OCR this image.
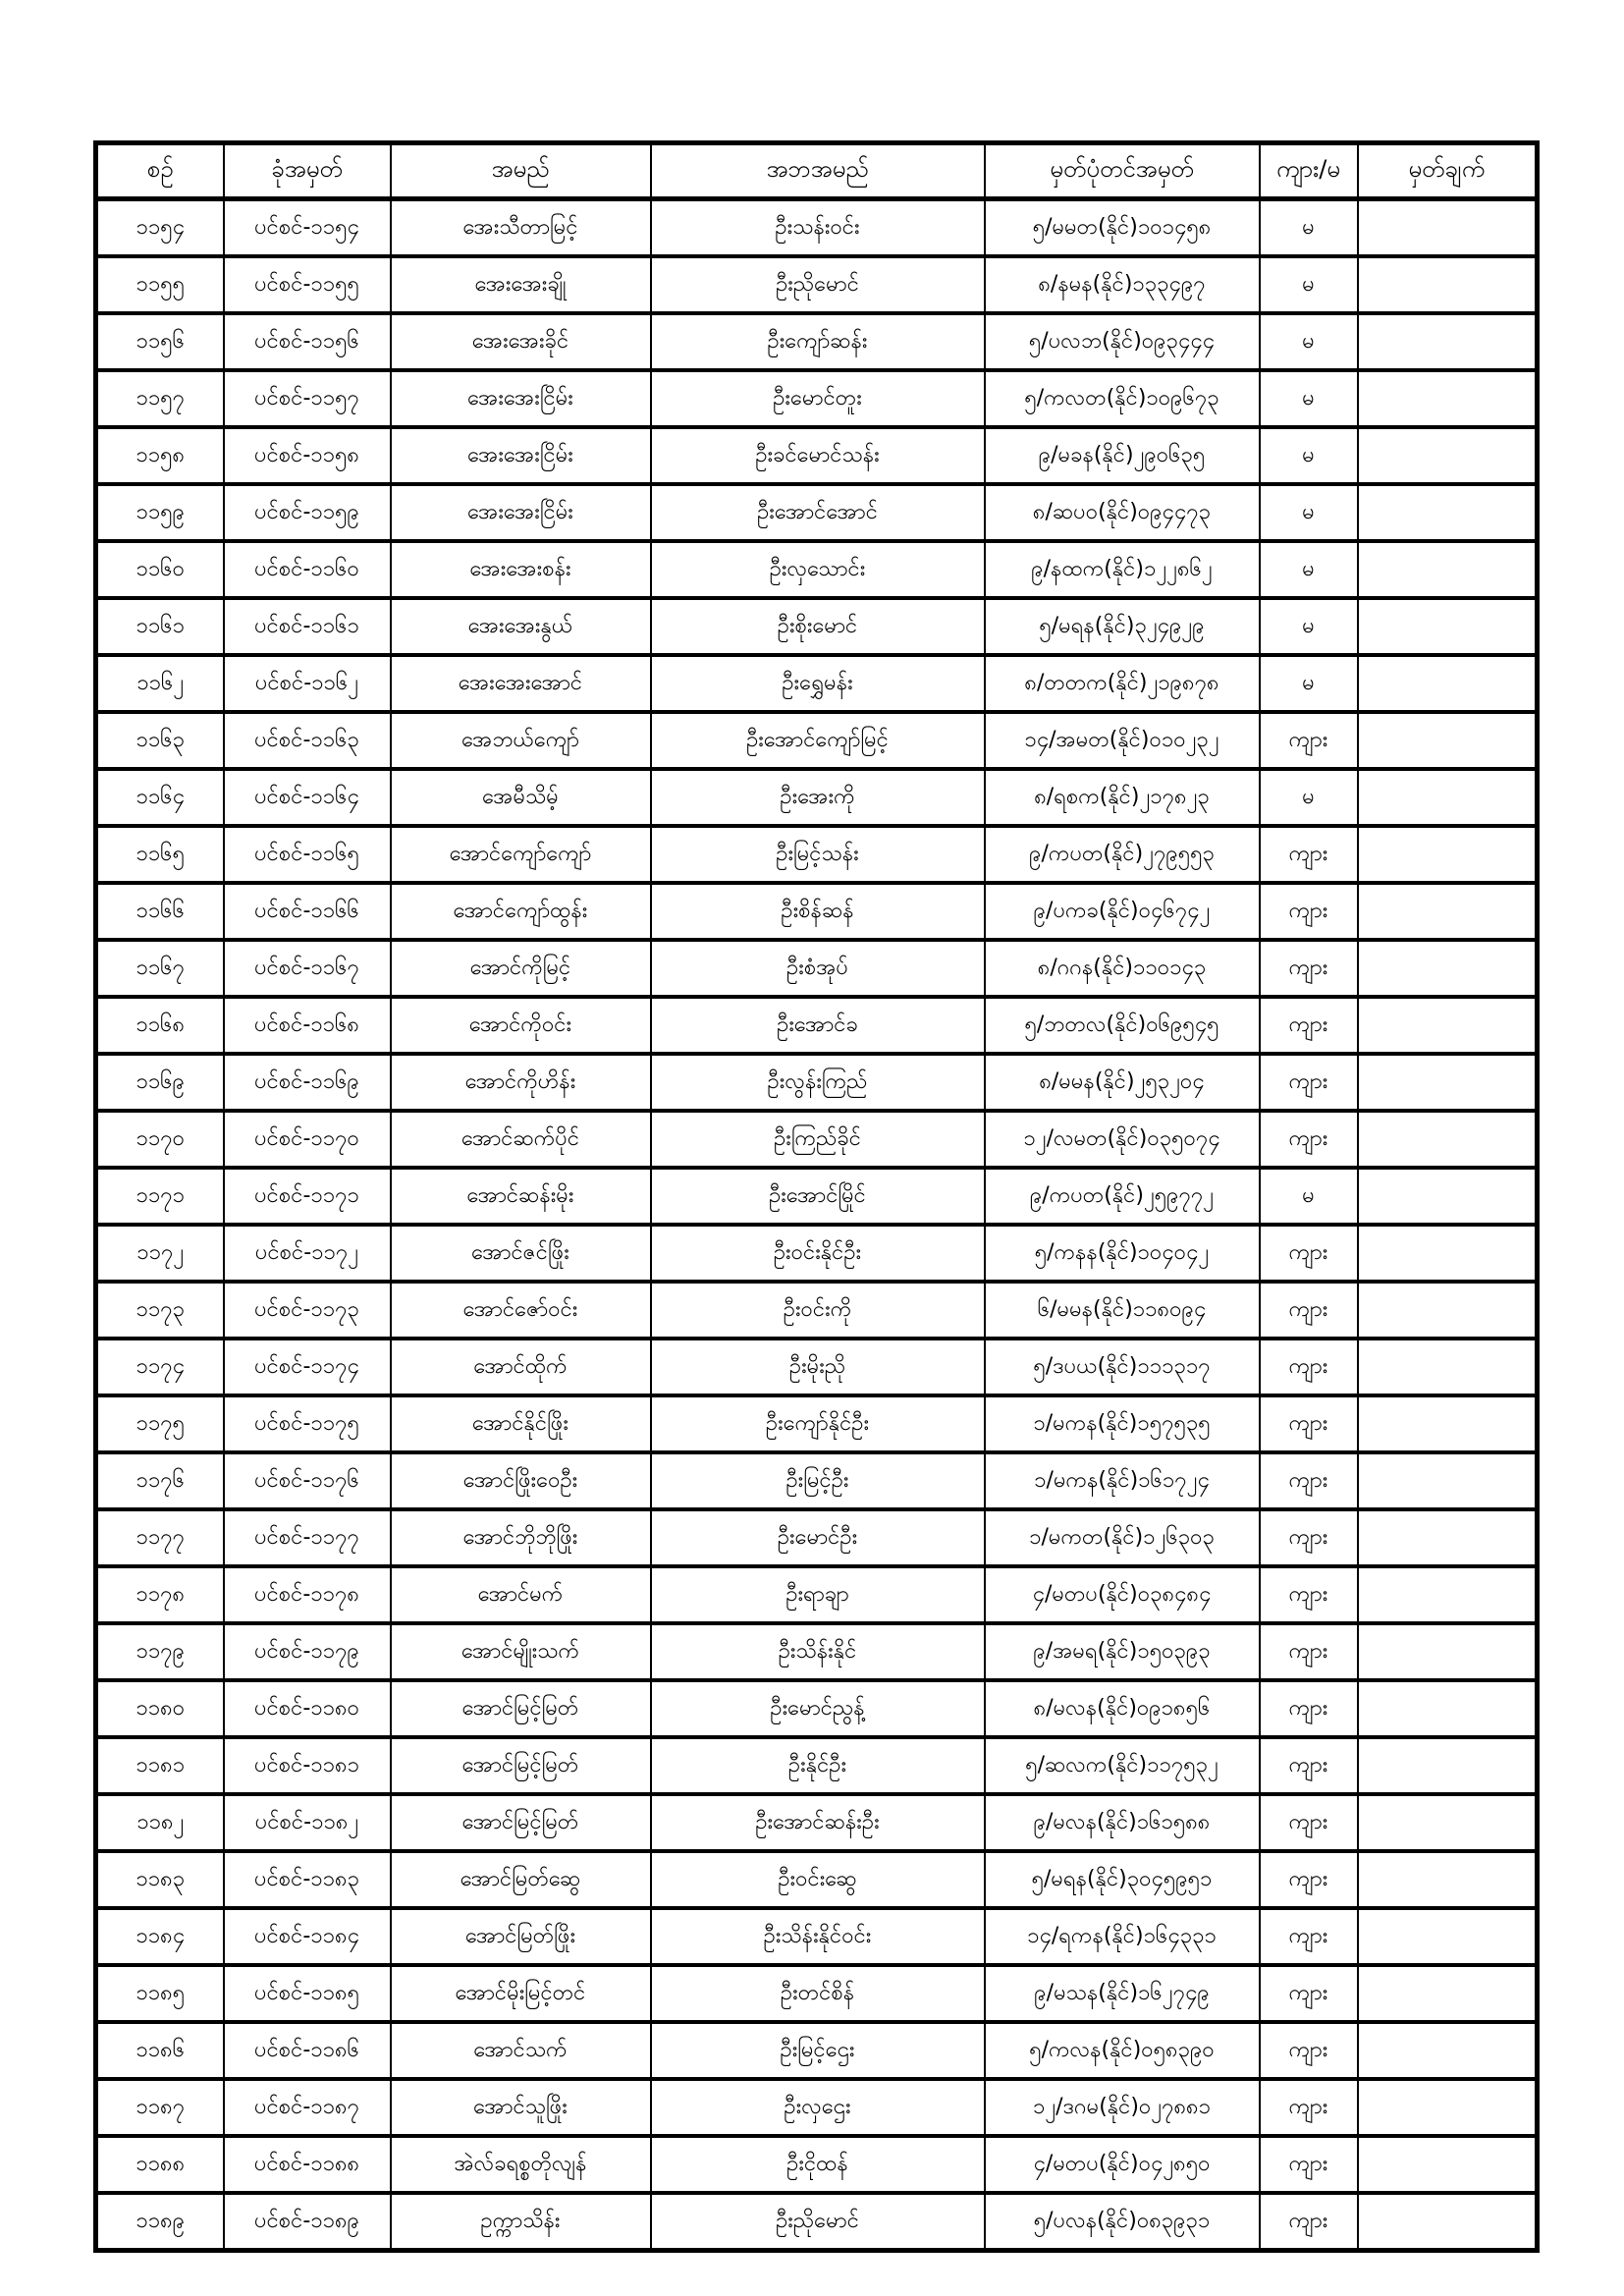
စဉ်	ခုံအမှတ်	အမည်	အဘအမည်	မှတ်ပုံတင်အမှတ်	ကျား/မ	မှတ်ချက်
၁၁၅၄	ပင်စင်-၁၁၅၄	အေးသီတာမြင့်	ဦးသန်းဝင်း	၅/မမတ(နိုင်)၁၀၁၄၅၈	မ	
၁၁၅၅	ပင်စင်-၁၁၅၅	အေးအေးချို	ဦးညိုမောင်	၈/နမန(နိုင်)၁၃၃၄၉၇	မ	
၁၁၅၆	ပင်စင်-၁၁၅၆	အေးအေးခိုင်	ဦးကျော်ဆန်း	၅/ပလဘ(နိုင်)၀၉၃၄၄၄	မ	
၁၁၅၇	ပင်စင်-၁၁၅၇	အေးအေးငြိမ်း	ဦးမောင်တူး	၅/ကလတ(နိုင်)၁၀၉၆၇၃	မ	
၁၁၅၈	ပင်စင်-၁၁၅၈	အေးအေးငြိမ်း	ဦးခင်မောင်သန်း	၉/မခန(နိုင်)၂၉၀၆၃၅	မ	
၁၁၅၉	ပင်စင်-၁၁၅၉	အေးအေးငြိမ်း	ဦးအောင်အောင်	၈/ဆပဝ(နိုင်)၀၉၄၄၇၃	မ	
၁၁၆၀	ပင်စင်-၁၁၆၀	အေးအေးစန်း	ဦးလှသောင်း	၉/နထက(နိုင်)၁၂၂၈၆၂	မ	
၁၁၆၁	ပင်စင်-၁၁၆၁	အေးအေးနွယ်	ဦးစိုးမောင်	၅/မရန(နိုင်)၃၂၄၉၂၉	မ	
၁၁၆၂	ပင်စင်-၁၁၆၂	အေးအေးအောင်	ဦးရွှေမန်း	၈/တတက(နိုင်)၂၁၉၈၇၈	မ	
၁၁၆၃	ပင်စင်-၁၁၆၃	အေဘယ်ကျော်	ဦးအောင်ကျော်မြင့်	၁၄/အမတ(နိုင်)၀၁၀၂၃၂	ကျား	
၁၁၆၄	ပင်စင်-၁၁၆၄	အေမီသိမ့်	ဦးအေးကို	၈/ရစက(နိုင်)၂၁၇၈၂၃	မ	
၁၁၆၅	ပင်စင်-၁၁၆၅	အောင်ကျော်ကျော်	ဦးမြင့်သန်း	၉/ကပတ(နိုင်)၂၇၉၅၅၃	ကျား	
၁၁၆၆	ပင်စင်-၁၁၆၆	အောင်ကျော်ထွန်း	ဦးစိန်ဆန်	၉/ပကခ(နိုင်)၀၄၆၇၄၂	ကျား	
၁၁၆၇	ပင်စင်-၁၁၆၇	အောင်ကိုမြင့်	ဦးစံအုပ်	၈/ဂဂန(နိုင်)၁၁၀၁၄၃	ကျား	
၁၁၆၈	ပင်စင်-၁၁၆၈	အောင်ကိုဝင်း	ဦးအောင်ခ	၅/ဘတလ(နိုင်)၀၆၉၅၄၅	ကျား	
၁၁၆၉	ပင်စင်-၁၁၆၉	အောင်ကိုဟိန်း	ဦးလွန်းကြည်	၈/မမန(နိုင်)၂၅၃၂၀၄	ကျား	
၁၁၇၀	ပင်စင်-၁၁၇၀	အောင်ဆက်ပိုင်	ဦးကြည်ခိုင်	၁၂/လမတ(နိုင်)၀၃၅၀၇၄	ကျား	
၁၁၇၁	ပင်စင်-၁၁၇၁	အောင်ဆန်းမိုး	ဦးအောင်မြိုင်	၉/ကပတ(နိုင်)၂၅၉၇၇၂	မ	
၁၁၇၂	ပင်စင်-၁၁၇၂	အောင်ဇင်ဖြိုး	ဦးဝင်းနိုင်ဦး	၅/ကနန(နိုင်)၁၀၄၀၄၂	ကျား	
၁၁၇၃	ပင်စင်-၁၁၇၃	အောင်ဇော်ဝင်း	ဦးဝင်းကို	၆/မမန(နိုင်)၁၁၈၀၉၄	ကျား	
၁၁၇၄	ပင်စင်-၁၁၇၄	အောင်ထိုက်	ဦးမိုးညို	၅/ဒပယ(နိုင်)၁၁၁၃၁၇	ကျား	
၁၁၇၅	ပင်စင်-၁၁၇၅	အောင်နိုင်ဖြိုး	ဦးကျော်နိုင်ဦး	၁/မကန(နိုင်)၁၅၇၅၃၅	ကျား	
၁၁၇၆	ပင်စင်-၁၁၇၆	အောင်ဖြိုးဝေဦး	ဦးမြင့်ဦး	၁/မကန(နိုင်)၁၆၁၇၂၄	ကျား	
၁၁၇၇	ပင်စင်-၁၁၇၇	အောင်ဘိုဘိုဖြိုး	ဦးမောင်ဦး	၁/မကတ(နိုင်)၁၂၆၃၀၃	ကျား	
၁၁၇၈	ပင်စင်-၁၁၇၈	အောင်မက်	ဦးရာချာ	၄/မတပ(နိုင်)၀၃၈၄၈၄	ကျား	
၁၁၇၉	ပင်စင်-၁၁၇၉	အောင်မျိုးသက်	ဦးသိန်းနိုင်	၉/အမရ(နိုင်)၁၅၀၃၉၃	ကျား	
၁၁၈၀	ပင်စင်-၁၁၈၀	အောင်မြင့်မြတ်	ဦးမောင်ညွန့်	၈/မလန(နိုင်)၀၉၁၈၅၆	ကျား	
၁၁၈၁	ပင်စင်-၁၁၈၁	အောင်မြင့်မြတ်	ဦးနိုင်ဦး	၅/ဆလက(နိုင်)၁၁၇၅၃၂	ကျား	
၁၁၈၂	ပင်စင်-၁၁၈၂	အောင်မြင့်မြတ်	ဦးအောင်ဆန်းဦး	၉/မလန(နိုင်)၁၆၁၅၈၈	ကျား	
၁၁၈၃	ပင်စင်-၁၁၈၃	အောင်မြတ်ဆွေ	ဦးဝင်းဆွေ	၅/မရန(နိုင်)၃၀၄၅၉၅၁	ကျား	
၁၁၈၄	ပင်စင်-၁၁၈၄	အောင်မြတ်ဖြိုး	ဦးသိန်းနိုင်ဝင်း	၁၄/ရကန(နိုင်)၁၆၄၃၃၁	ကျား	
၁၁၈၅	ပင်စင်-၁၁၈၅	အောင်မိုးမြင့်တင်	ဦးတင်စိန်	၉/မသန(နိုင်)၁၆၂၇၄၉	ကျား	
၁၁၈၆	ပင်စင်-၁၁၈၆	အောင်သက်	ဦးမြင့်ဌေး	၅/ကလန(နိုင်)၀၅၈၃၉၀	ကျား	
၁၁၈၇	ပင်စင်-၁၁၈၇	အောင်သူဖြိုး	ဦးလှဌေး	၁၂/ဒဂမ(နိုင်)၀၂၇၈၈၁	ကျား	
၁၁၈၈	ပင်စင်-၁၁၈၈	အဲလ်ခရစ္စတိုလျန်	ဦးငိုထန်	၄/မတပ(နိုင်)၀၄၂၈၅၀	ကျား	
၁၁၈၉	ပင်စင်-၁၁၈၉	ဥက္ကာသိန်း	ဦးညိုမောင်	၅/ပလန(နိုင်)၀၈၃၉၃၁	ကျား	
